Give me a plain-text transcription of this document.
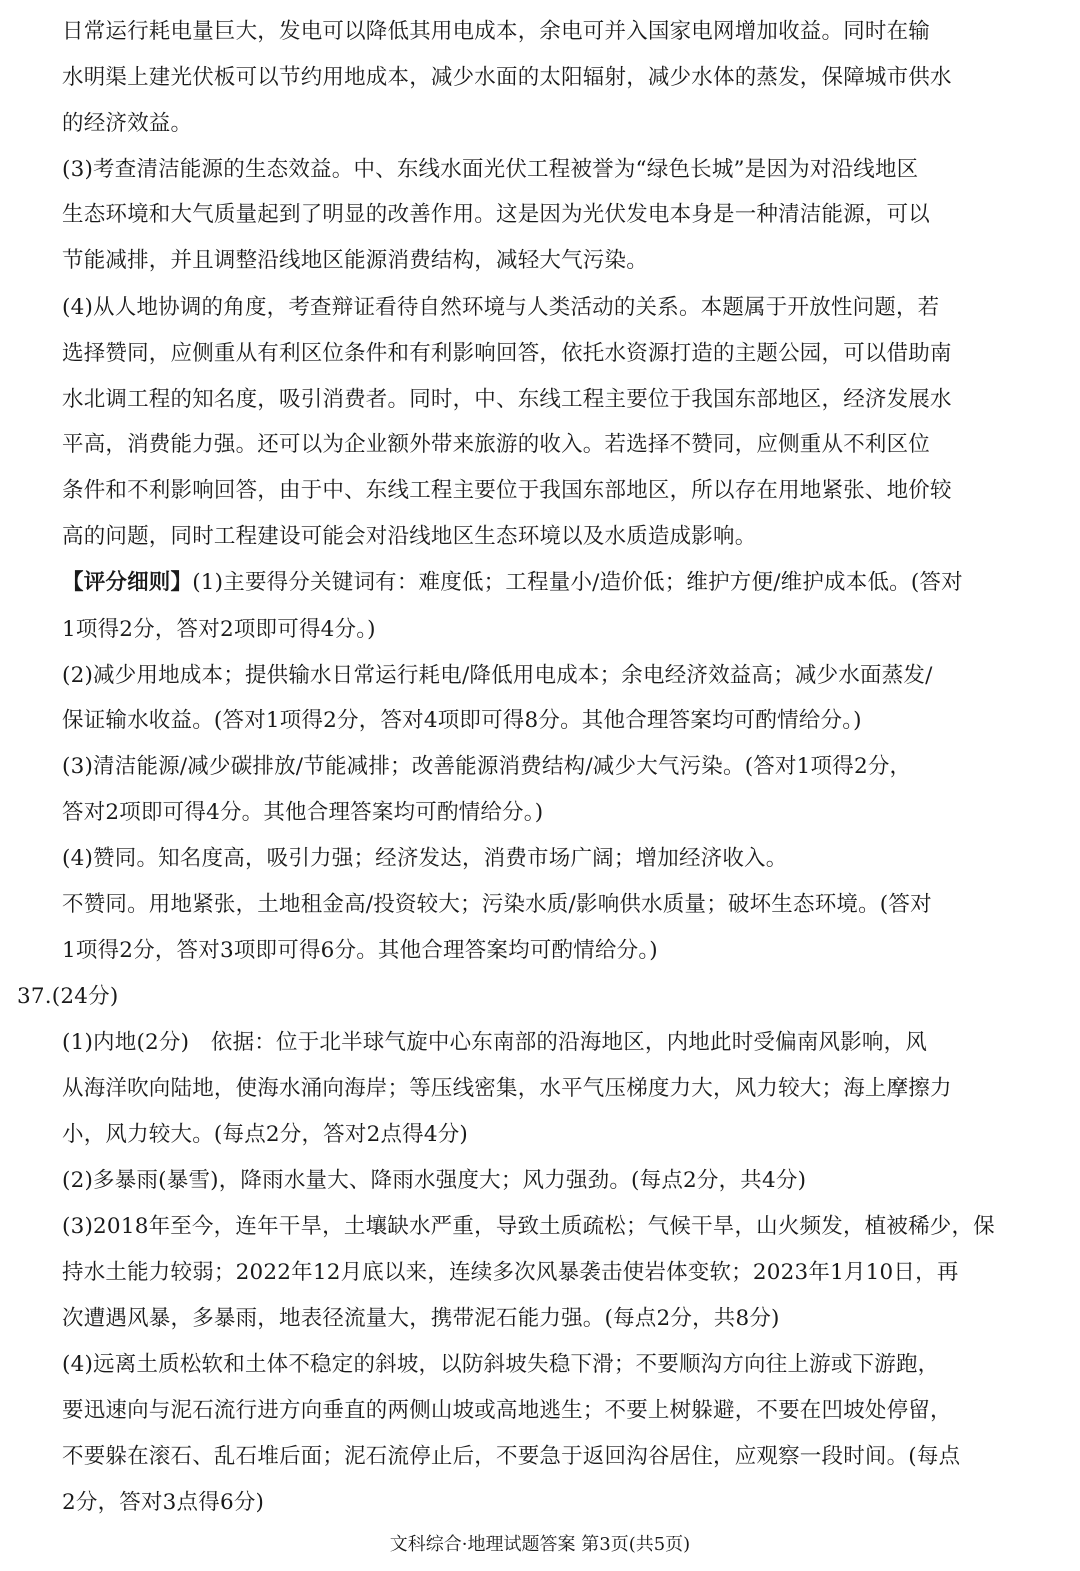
日常运行耗电量巨大，发电可以降低其用电成本，余电可并入国家电网增加收益。同时在输
水明渠上建光伏板可以节约用地成本，减少水面的太阳辐射，减少水体的蒸发，保障城市供水
的经济效益。
(3)考查清洁能源的生态效益。中、东线水面光伏工程被誉为“绿色长城”是因为对沿线地区
生态环境和大气质量起到了明显的改善作用。这是因为光伏发电本身是一种清洁能源，可以
节能减排，并且调整沿线地区能源消费结构，减轻大气污染。
(4)从人地协调的角度，考查辩证看待自然环境与人类活动的关系。本题属于开放性问题，若
选择赞同，应侧重从有利区位条件和有利影响回答，依托水资源打造的主题公园，可以借助南
水北调工程的知名度，吸引消费者。同时，中、东线工程主要位于我国东部地区，经济发展水
平高，消费能力强。还可以为企业额外带来旅游的收入。若选择不赞同，应侧重从不利区位
条件和不利影响回答，由于中、东线工程主要位于我国东部地区，所以存在用地紧张、地价较
高的问题，同时工程建设可能会对沿线地区生态环境以及水质造成影响。
【评分细则】(1)主要得分关键词有：难度低；工程量小/造价低；维护方便/维护成本低。(答对
1项得2分，答对2项即可得4分。)
(2)减少用地成本；提供输水日常运行耗电/降低用电成本；余电经济效益高；减少水面蒸发/
保证输水收益。(答对1项得2分，答对4项即可得8分。其他合理答案均可酌情给分。)
(3)清洁能源/减少碳排放/节能减排；改善能源消费结构/减少大气污染。(答对1项得2分，
答对2项即可得4分。其他合理答案均可酌情给分。)
(4)赞同。知名度高，吸引力强；经济发达，消费市场广阔；增加经济收入。
不赞同。用地紧张，土地租金高/投资较大；污染水质/影响供水质量；破坏生态环境。(答对
1项得2分，答对3项即可得6分。其他合理答案均可酌情给分。)
37.(24分)
(1)内地(2分)　依据：位于北半球气旋中心东南部的沿海地区，内地此时受偏南风影响，风
从海洋吹向陆地，使海水涌向海岸；等压线密集，水平气压梯度力大，风力较大；海上摩擦力
小，风力较大。(每点2分，答对2点得4分)
(2)多暴雨(暴雪)，降雨水量大、降雨水强度大；风力强劲。(每点2分，共4分)
(3)2018年至今，连年干旱，土壤缺水严重，导致土质疏松；气候干旱，山火频发，植被稀少，保
持水土能力较弱；2022年12月底以来，连续多次风暴袭击使岩体变软；2023年1月10日，再
次遭遇风暴，多暴雨，地表径流量大，携带泥石能力强。(每点2分，共8分)
(4)远离土质松软和土体不稳定的斜坡，以防斜坡失稳下滑；不要顺沟方向往上游或下游跑，
要迅速向与泥石流行进方向垂直的两侧山坡或高地逃生；不要上树躲避，不要在凹坡处停留，
不要躲在滚石、乱石堆后面；泥石流停止后，不要急于返回沟谷居住，应观察一段时间。(每点
2分，答对3点得6分)
文科综合·地理试题答案 第3页(共5页)
